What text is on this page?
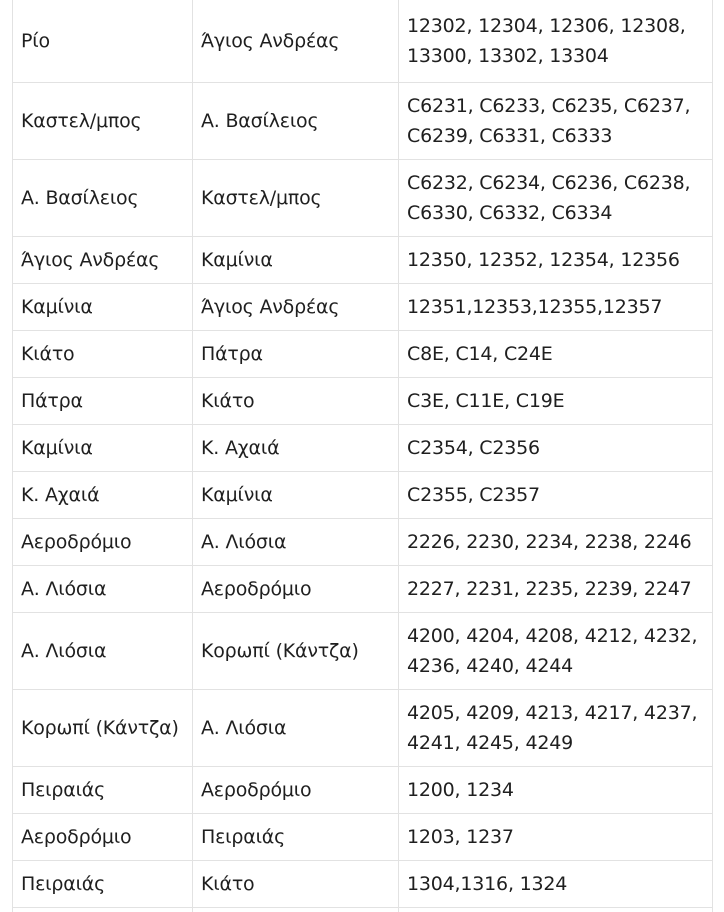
Ρίο	Άγιος Ανδρέας	12302, 12304, 12306, 12308, 13300, 13302, 13304
Καστελ/μπος	Α. Βασίλειος	C6231, C6233, C6235, C6237, C6239, C6331, C6333
Α. Βασίλειος	Καστελ/μπος	C6232, C6234, C6236, C6238, C6330, C6332, C6334
Άγιος Ανδρέας	Καμίνια	12350, 12352, 12354, 12356
Καμίνια	Άγιος Ανδρέας	12351,12353,12355,12357
Κιάτο	Πάτρα	C8E, C14, C24E
Πάτρα	Κιάτο	C3E, C11E, C19E
Καμίνια	Κ. Αχαιά	C2354, C2356
Κ. Αχαιά	Καμίνια	C2355, C2357
Αεροδρόμιο	Α. Λιόσια	2226, 2230, 2234, 2238, 2246
Α. Λιόσια	Αεροδρόμιο	2227, 2231, 2235, 2239, 2247
Α. Λιόσια	Κορωπί (Κάντζα)	4200, 4204, 4208, 4212, 4232, 4236, 4240, 4244
Κορωπί (Κάντζα)	Α. Λιόσια	4205, 4209, 4213, 4217, 4237, 4241, 4245, 4249
Πειραιάς	Αεροδρόμιο	1200, 1234
Αεροδρόμιο	Πειραιάς	1203, 1237
Πειραιάς	Κιάτο	1304,1316, 1324
